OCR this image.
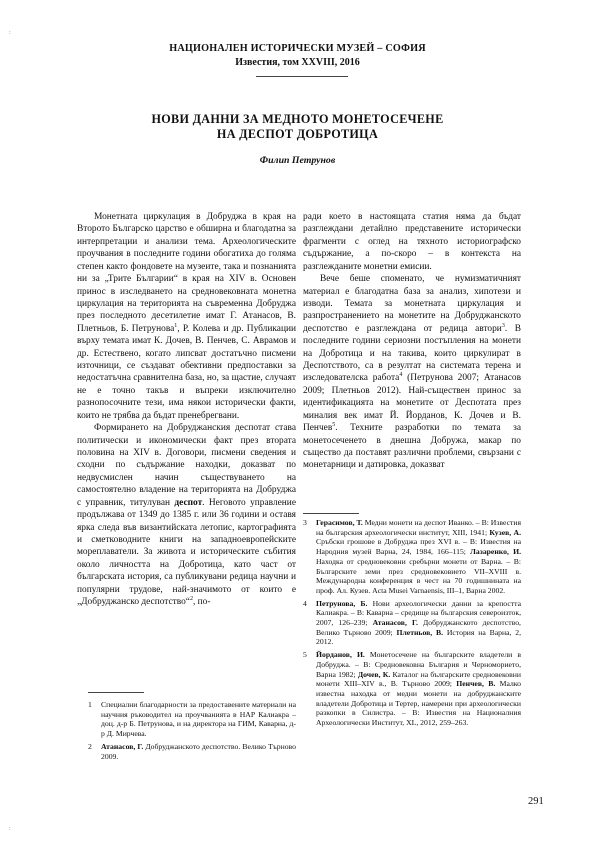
НАЦИОНАЛЕН ИСТОРИЧЕСКИ МУЗЕЙ – СОФИЯ
Известия, том XXVIII, 2016
НОВИ ДАННИ ЗА МЕДНОТО МОНЕТОСЕЧЕНЕ
НА ДЕСПОТ ДОБРОТИЦА
Филип Петрунов

Монетната циркулация в Добруджа в края на Второто Българско царство е обширна и благодатна за интерпретации и анализи тема. Археологическите проучвания в последните години обогатиха до голяма степен както фондовете на музеите, така и познанията ни за „Трите Българии“ в края на XIV в. Основен принос в изследването на средновековната монетна циркулация на територията на съвременна Добруджа през последното десетилетие имат Г. Атанасов, В. Плетньов, Б. Петрунова$^1$, Р. Колева и др. Публикации върху темата имат К. Дочев, В. Пенчев, С. Аврамов и др. Естествено, когато липсват достатъчно писмени източници, се създават обективни предпоставки за недостатъчна сравнителна база, но, за щастие, случаят не е точно такъв и въпреки изключително разнопосочните тези, има някои исторически факти, които не трябва да бъдат пренебрегвани.

Формирането на Добруджанския деспотат става политически и икономически факт през втората половина на XIV в. Договори, писмени сведения и сходни по съдържание находки, доказват по недвусмислен начин съществуването на самостоятелно владение на територията на Добруджа с управник, титулуван деспот. Неговото управление продължава от 1349 до 1385 г. или 36 години и оставя ярка следа във византийската летопис, картографията и сметководните книги на западноевропейските мореплаватели. За живота и историческите събития около личността на Добротица, като част от българската история, са публикувани редица научни и популярни трудове, най-значимото от които е „Добруджанско деспотство“$^2$, по-

ради което в настоящата статия няма да бъдат разглеждани детайлно представените исторически фрагменти с оглед на тяхното историографско съдържание, а по-скоро – в контекста на разглежданите монетни емисии.

Вече беше споменато, че нумизматичният материал е благодатна база за анализ, хипотези и изводи. Темата за монетната циркулация и разпространението на монетите на Добруджанското деспотство е разглеждана от редица автори$^3$. В последните години сериозни постъпления на монети на Добротица и на такива, които циркулират в Деспотството, са в резултат на системата терена и изследователска работа$^4$ (Петрунова 2007; Атанасов 2009; Плетньов 2012). Най-съществен принос за идентификацията на монетите от Деспотата през миналия век имат Й. Йорданов, К. Дочев и В. Пенчев$^5$. Техните разработки по темата за монетосеченето в днешна Добружа, макар по същество да поставят различни проблеми, свързани с монетарници и датировка, доказват

1	Специални благодарности за предоставените материали на научния ръководител на проучванията в НАР Калиакра – доц. д-р Б. Петрунова, и на директора на ГИМ, Каварна, д-р Д. Мирчева.
2	Атанасов, Г. Добруджанското деспотство. Велико Търново 2009.
3	Герасимов, Т. Медни монети на деспот Иванко. – В: Известия на българския археологически институт, XIII, 1941; Кузев, А. Сръбски грошове в Добруджа през XVI в. – В: Известия на Народния музей Варна, 24, 1984, 166–115; Лазаренко, И. Находка от средновековни сребърни монети от Варна. – В: Българските земи през средновековието VII–XVIII в. Международна конференция в чест на 70 годишнината на проф. Ал. Кузев. Acta Musei Varnaensis, III–1, Варна 2002.
4	Петрунова, Б. Нови археологически данни за крепостта Калиакра. – В: Каварна – средище на българския североизток, 2007, 126–239; Атанасов, Г. Добруджанското деспотство, Велико Търново 2009; Плетньов, В. История на Варна, 2, 2012.
5	Йорданов, И. Монетосечене на българските владетели в Добруджа. – В: Средновековна България и Черноморието, Варна 1982; Дочев, К. Каталог на българските средновековни монети XIII–XIV в., В. Търново 2009; Пенчев, В. Малко известна находка от медни монети на добруджанските владетели Добротица и Тертер, намерени при археологически разкопки в Силистра. – В: Известия на Националния Археологически Институт, XL, 2012, 259–263.
291
:
:
